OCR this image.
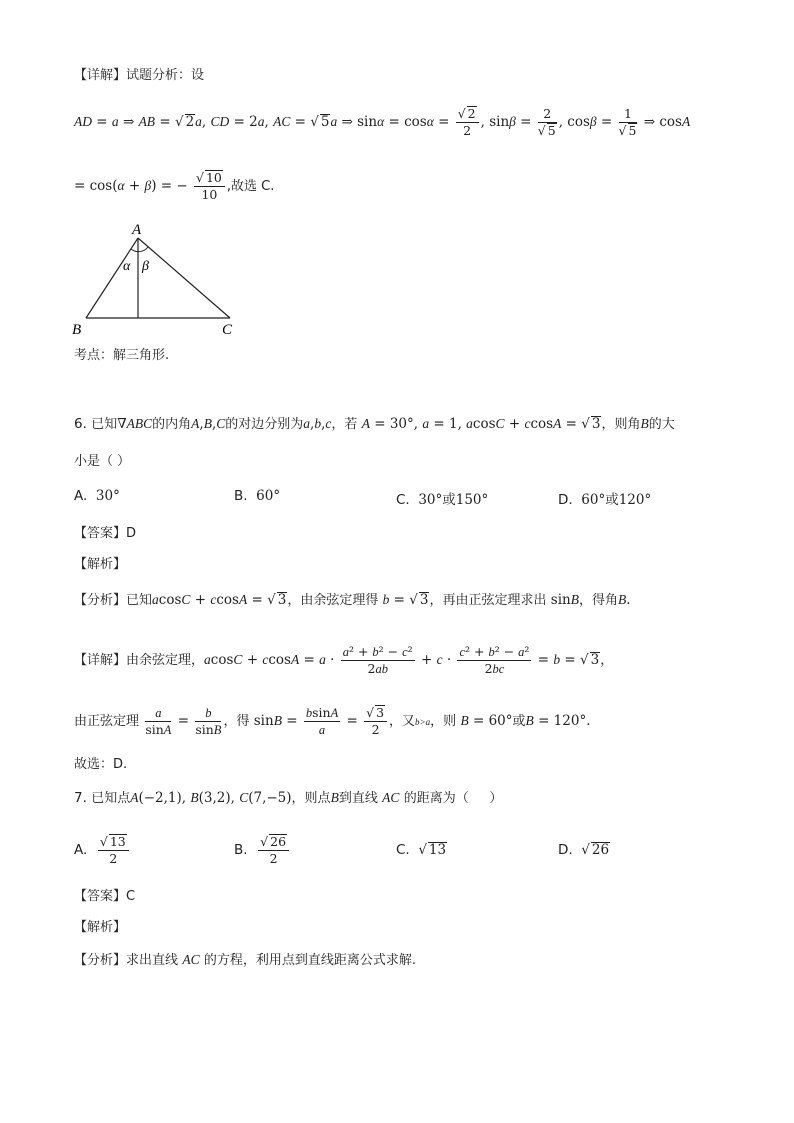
【详解】试题分析：设
AD = a ⇒ AB = √ 2a, CD = 2a, AC = √ 5a ⇒ $\sin\alpha = \cos\alpha = \frac{√ 2}{2}$ , $\sin\beta = \frac{2}{√ 5}$ , $\cos\beta = \frac{1}{√ 5}$ ⇒ cosA
= cos(α + β) = − $\frac{√ 10}{10}$ ,故选 C.
A
B	C
α β
考点：解三角形.
6. 已知∇ABC的内角A,B,C的对边分别为a,b,c，若 A = 30°, a = 1, acosC + ccosA = √ 3，则角B的大
小是（ ）
A. 30°	B. 60°	C. 30°或150°	D. 60°或120°
【答案】D
【解析】
【分析】已知acosC + ccosA = √ 3，由余弦定理得 b = √ 3，再由正弦定理求出 sinB，得角B.
【详解】由余弦定理，$acosC + ccosA = a \cdot \frac{\text{a² + b² − c²}}{2ab} + c \cdot \frac{\text{c² + b² − a²}}{2bc} = b$ = √ 3，
由正弦定理 $\frac{a}{\sin A} = \frac{b}{\sin B}$ ，得 $\sin B = \frac{bsinA}{a} = \frac{√ 3}{2}$ ，又b>a，则 B = 60°或B = 120°.
故选：D.
7. 已知点A(−2,1), B(3,2), C(7,−5)，则点B到直线 AC 的距离为（     ）
A. $\frac{√ 13}{2}$	B. $\frac{√ 26}{2}$	C. √ 13	D. √ 26
【答案】C
【解析】
【分析】求出直线 AC 的方程，利用点到直线距离公式求解.
